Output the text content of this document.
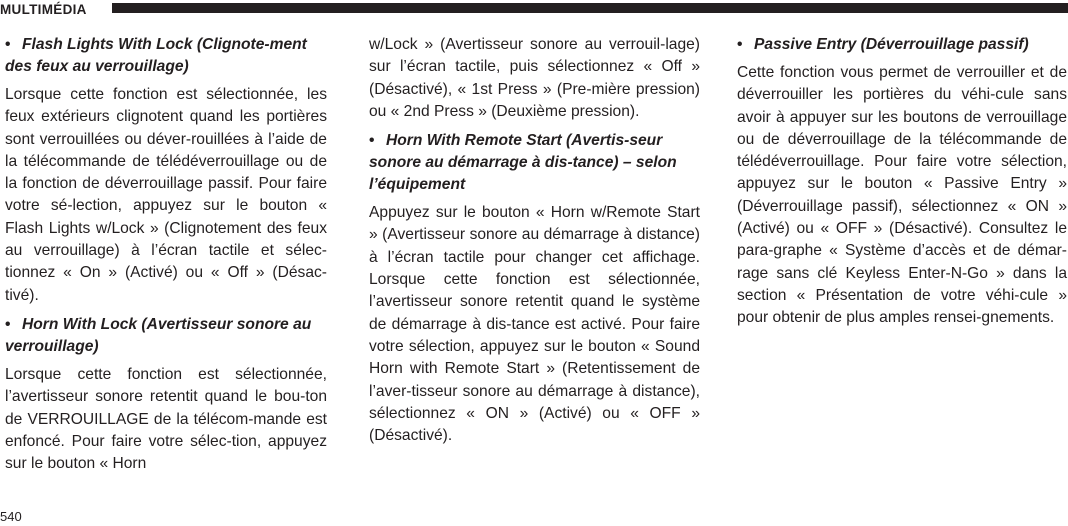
MULTIMÉDIA
• Flash Lights With Lock (Clignote-ment des feux au verrouillage)

Lorsque cette fonction est sélectionnée, les feux extérieurs clignotent quand les portières sont verrouillées ou déver-rouillées à l’aide de la télécommande de télédéverrouillage ou de la fonction de déverrouillage passif. Pour faire votre sé-lection, appuyez sur le bouton « Flash Lights w/Lock » (Clignotement des feux au verrouillage) à l’écran tactile et sélec-tionnez « On » (Activé) ou « Off » (Désac-tivé).

• Horn With Lock (Avertisseur sonore au verrouillage)

Lorsque cette fonction est sélectionnée, l’avertisseur sonore retentit quand le bou-ton de VERROUILLAGE de la télécom-mande est enfoncé. Pour faire votre sélec-tion, appuyez sur le bouton « Horn

w/Lock » (Avertisseur sonore au verrouil-lage) sur l’écran tactile, puis sélectionnez « Off » (Désactivé), « 1st Press » (Pre-mière pression) ou « 2nd Press » (Deuxième pression).

• Horn With Remote Start (Avertis-seur sonore au démarrage à dis-tance) – selon l’équipement

Appuyez sur le bouton « Horn w/Remote Start » (Avertisseur sonore au démarrage à distance) à l’écran tactile pour changer cet affichage. Lorsque cette fonction est sélectionnée, l’avertisseur sonore retentit quand le système de démarrage à dis-tance est activé. Pour faire votre sélection, appuyez sur le bouton « Sound Horn with Remote Start » (Retentissement de l’aver-tisseur sonore au démarrage à distance), sélectionnez « ON » (Activé) ou « OFF » (Désactivé).

• Passive Entry (Déverrouillage passif)

Cette fonction vous permet de verrouiller et de déverrouiller les portières du véhi-cule sans avoir à appuyer sur les boutons de verrouillage ou de déverrouillage de la télécommande de télédéverrouillage. Pour faire votre sélection, appuyez sur le bouton « Passive Entry » (Déverrouillage passif), sélectionnez « ON » (Activé) ou « OFF » (Désactivé). Consultez le para-graphe « Système d’accès et de démar-rage sans clé Keyless Enter-N-Go » dans la section « Présentation de votre véhi-cule » pour obtenir de plus amples rensei-gnements.

540
